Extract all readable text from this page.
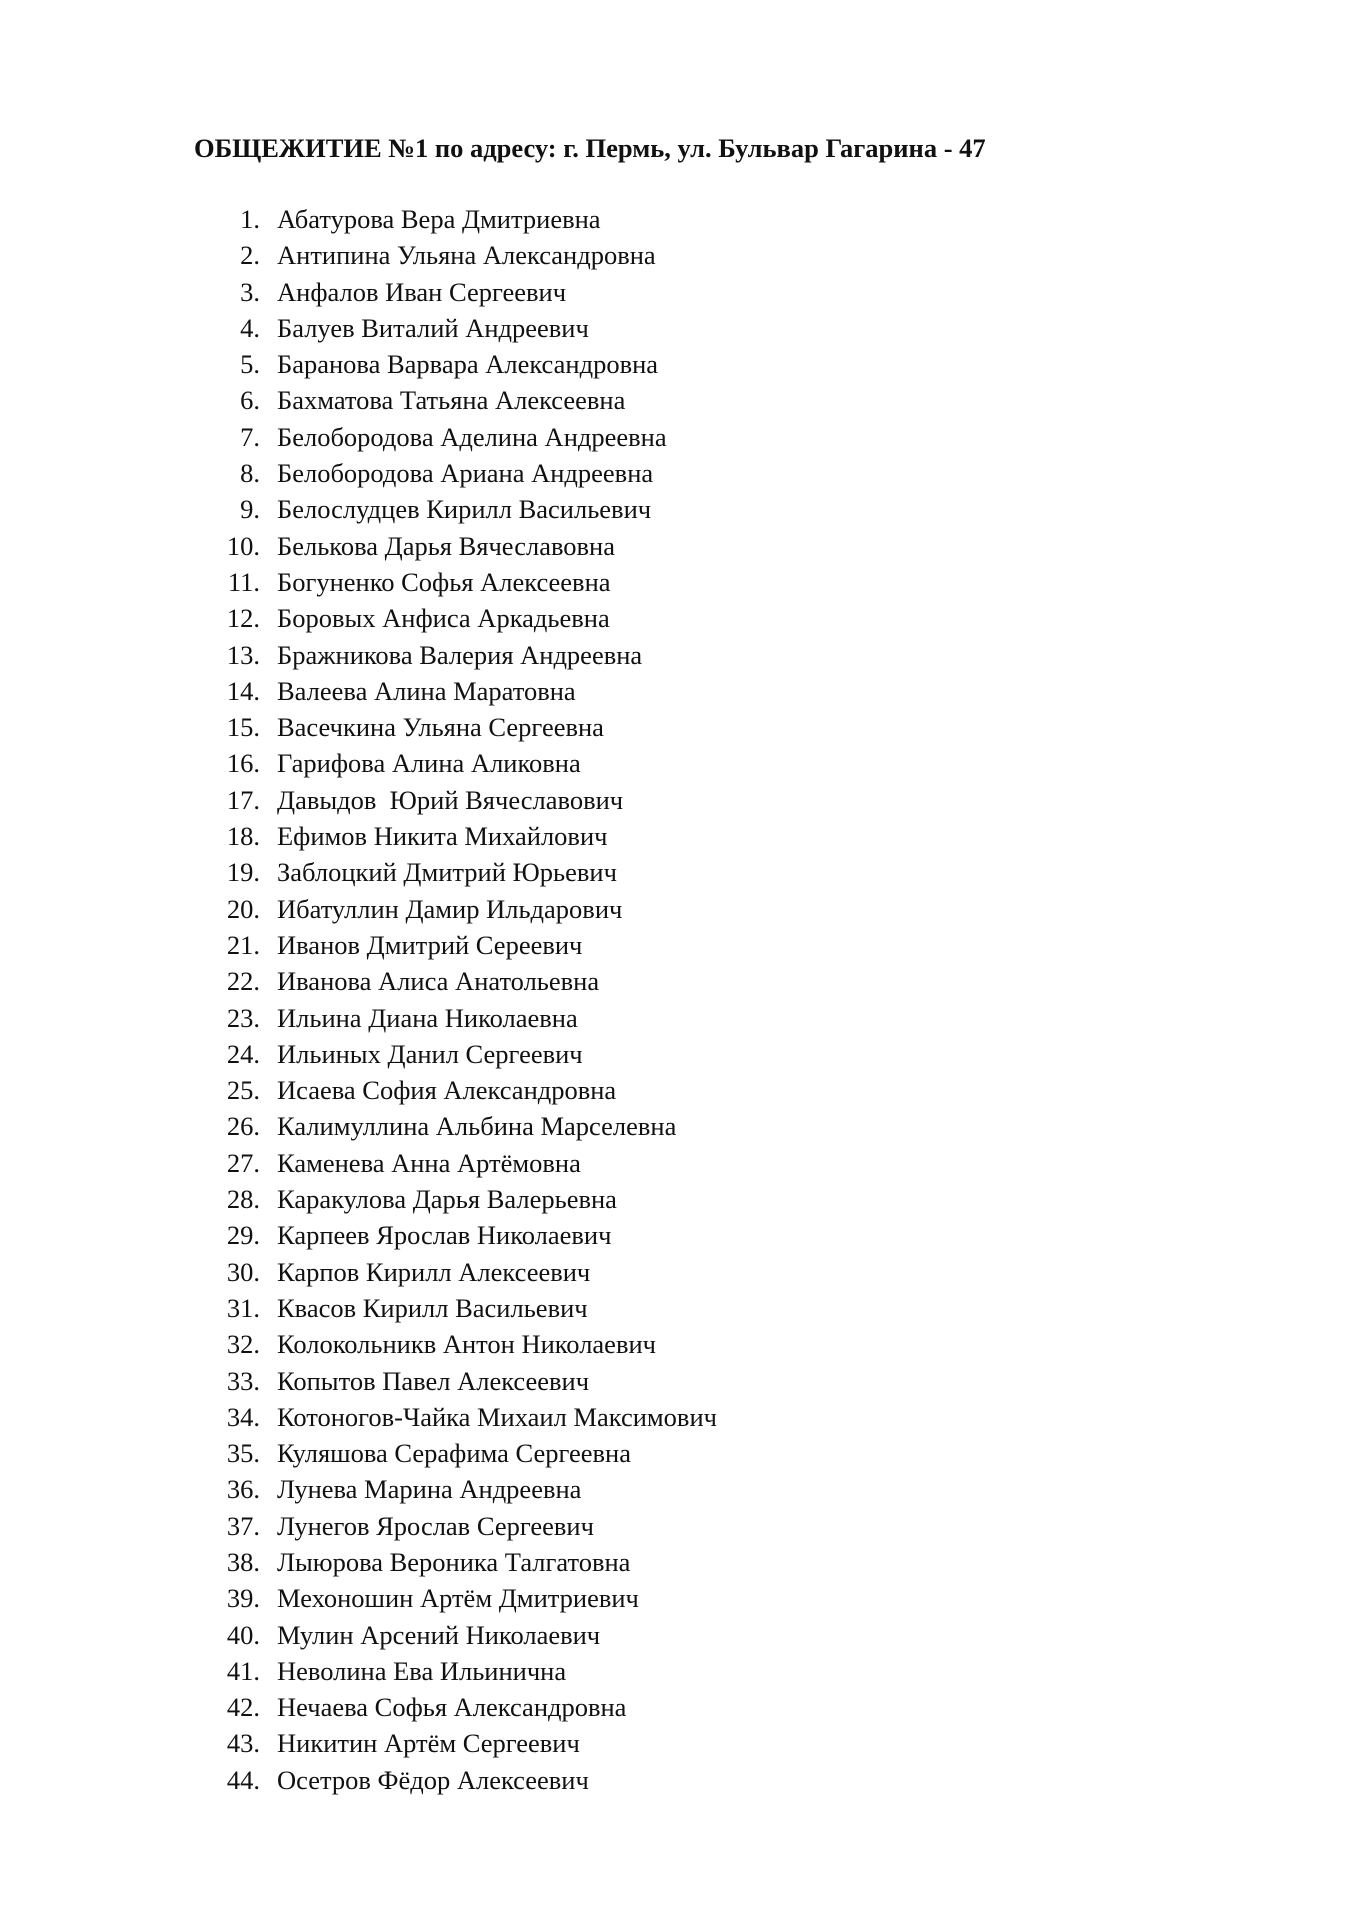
ОБЩЕЖИТИЕ №1 по адресу: г. Пермь, ул. Бульвар Гагарина - 47
1. Абатурова Вера Дмитриевна
2. Антипина Ульяна Александровна
3. Анфалов Иван Сергеевич
4. Балуев Виталий Андреевич
5. Баранова Варвара Александровна
6. Бахматова Татьяна Алексеевна
7. Белобородова Аделина Андреевна
8. Белобородова Ариана Андреевна
9. Белослудцев Кирилл Васильевич
10. Белькова Дарья Вячеславовна
11. Богуненко Софья Алексеевна
12. Боровых Анфиса Аркадьевна
13. Бражникова Валерия Андреевна
14. Валеева Алина Маратовна
15. Васечкина Ульяна Сергеевна
16. Гарифова Алина Аликовна
17. Давыдов  Юрий Вячеславович
18. Ефимов Никита Михайлович
19. Заблоцкий Дмитрий Юрьевич
20. Ибатуллин Дамир Ильдарович
21. Иванов Дмитрий Сереевич
22. Иванова Алиса Анатольевна
23. Ильина Диана Николаевна
24. Ильиных Данил Сергеевич
25. Исаева София Александровна
26. Калимуллина Альбина Марселевна
27. Каменева Анна Артёмовна
28. Каракулова Дарья Валерьевна
29. Карпеев Ярослав Николаевич
30. Карпов Кирилл Алексеевич
31. Квасов Кирилл Васильевич
32. Колокольникв Антон Николаевич
33. Копытов Павел Алексеевич
34. Котоногов-Чайка Михаил Максимович
35. Куляшова Серафима Сергеевна
36. Лунева Марина Андреевна
37. Лунегов Ярослав Сергеевич
38. Лыюрова Вероника Талгатовна
39. Мехоношин Артём Дмитриевич
40. Мулин Арсений Николаевич
41. Неволина Ева Ильинична
42. Нечаева Софья Александровна
43. Никитин Артём Сергеевич
44. Осетров Фёдор Алексеевич
